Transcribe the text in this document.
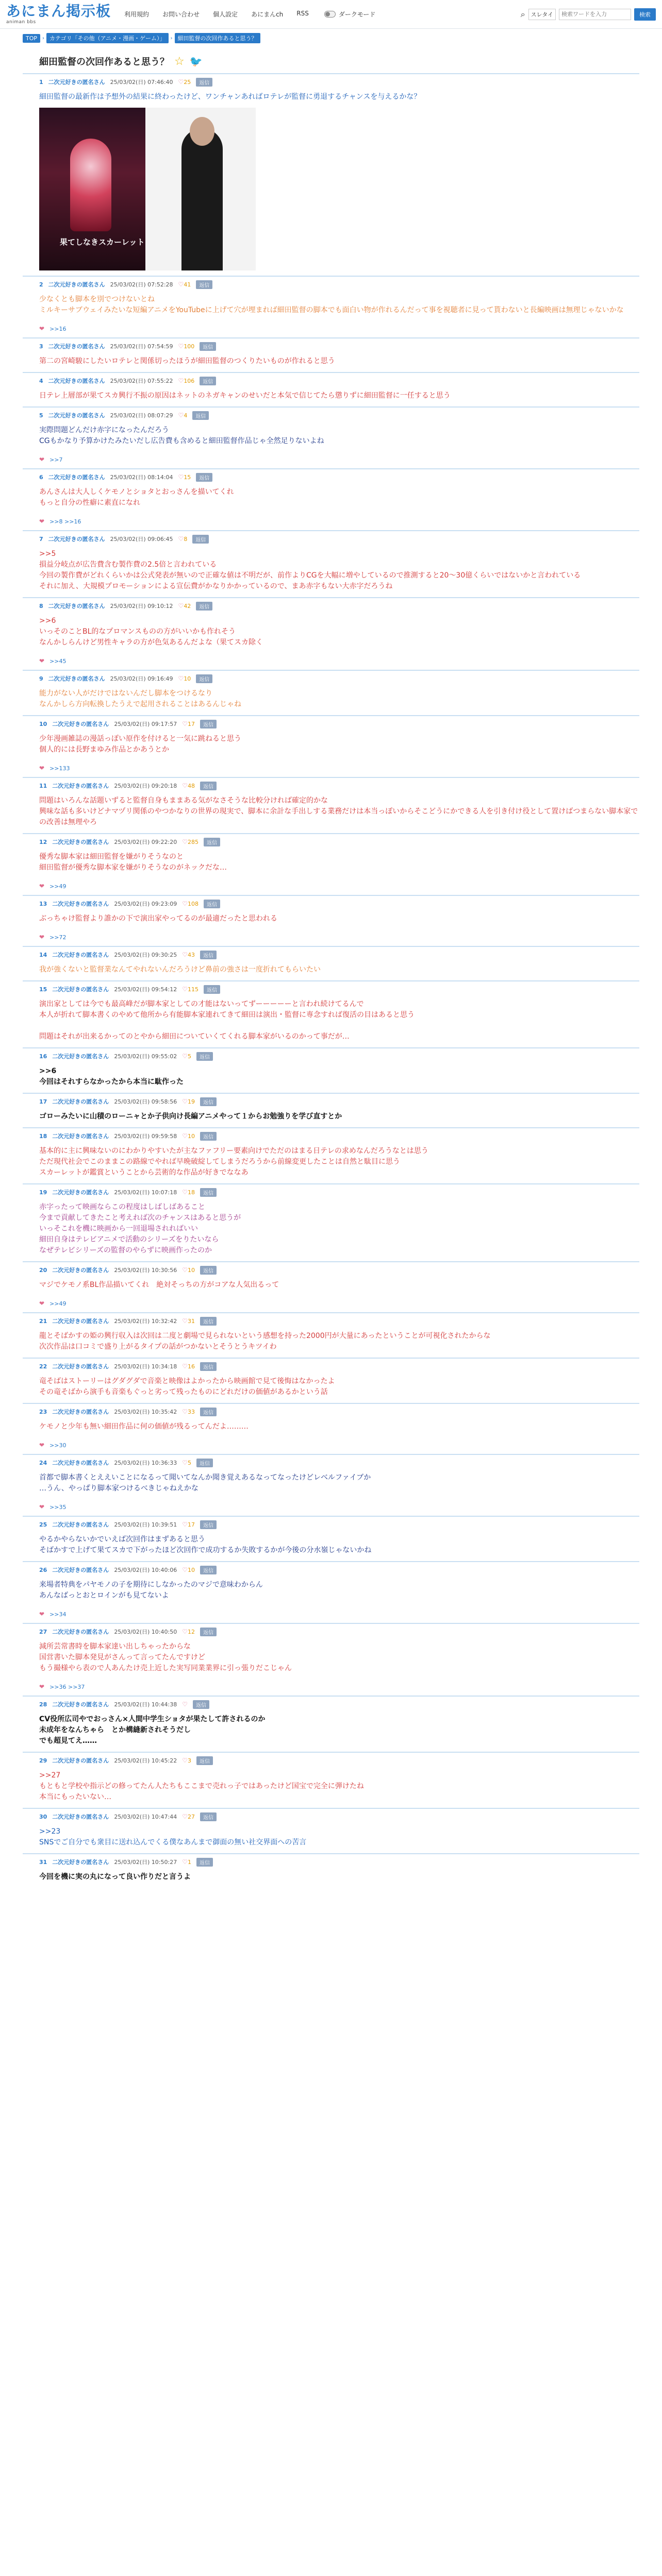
あにまん掲示板
animan bbs
利用規約 お問い合わせ 個人設定 あにまんch RSS	ダークモード	⌕	スレタイ
検索ワードを入力	検索
TOP	› カテゴリ「その他（アニメ・漫画・ゲーム）」	› 細田監督の次回作あると思う？
細田監督の次回作あると思う？ ☆ 🐦
1 二次元好きの匿名さん 25/03/02(日) 07:46:40 ♡25	返信
細田監督の最新作は予想外の結果に終わったけど、ワンチャンあればロテレが監督に勇退するチャンスを与えるかな？
果てしなきスカーレット
2 二次元好きの匿名さん 25/03/02(日) 07:52:28 ♡41	返信
少なくとも脚本を別でつけないとね
ミルキーサブウェイみたいな短編アニメをYouTubeに上げて穴が埋まれば細田監督の脚本でも面白い物が作れるんだって事を視聴者に見って貰わないと長編映画は無理じゃないかな
❤ >>16
3 二次元好きの匿名さん 25/03/02(日) 07:54:59 ♡100	返信
第二の宮崎駿にしたいロテレと関係切ったほうが細田監督のつくりたいものが作れると思う
4 二次元好きの匿名さん 25/03/02(日) 07:55:22 ♡106	返信
日テレ上層部が果てスカ興行不振の原因はネットのネガキャンのせいだと本気で信じてたら懲りずに細田監督に一任すると思う
5 二次元好きの匿名さん 25/03/02(日) 08:07:29 ♡4	返信
実際問題どんだけ赤字になったんだろう
CGもかなり予算かけたみたいだし広告費も含めると細田監督作品じゃ全然足りないよね
❤ >>7
6 二次元好きの匿名さん 25/03/02(日) 08:14:04 ♡15	返信
あんさんは大人しくケモノとショタとおっさんを描いてくれ
もっと自分の性癖に素直になれ
❤ >>8 >>16
7 二次元好きの匿名さん 25/03/02(日) 09:06:45 ♡8	返信
>>5
損益分岐点が広告費含む製作費の2.5倍と言われている
今回の製作費がどれくらいかは公式発表が無いので正確な値は不明だが、前作よりCGを大幅に増やしているので推測すると20〜30億くらいではないかと言われている
それに加え、大規模プロモーションによる宣伝費がかなりかかっているので、まあ赤字もない大赤字だろうね
8 二次元好きの匿名さん 25/03/02(日) 09:10:12 ♡42	返信
>>6
いっそのことBL的なプロマンスものの方がいいかも作れそう
なんかしらんけど男性キャラの方が色気あるんだよな（果てスカ除く
❤ >>45
9 二次元好きの匿名さん 25/03/02(日) 09:16:49 ♡10	返信
能力がない人がだけではないんだし脚本をつけるなり
なんかしら方向転換したうえで起用されることはあるんじゃね
10 二次元好きの匿名さん 25/03/02(日) 09:17:57 ♡17	返信
少年漫画雑誌の漫話っぽい原作を付けると一気に跳ねると思う
個人的には長野まゆみ作品とかあうとか
❤ >>133
11 二次元好きの匿名さん 25/03/02(日) 09:20:18 ♡48	返信
問題はいろんな話題いずると監督自身もままある気がなさそうな比較分ければ確定的かな
興味な話も多いけどナマヅリ関係のやつかなりの世界の現実で、脚本に余計な手出しする業務だけは本当っぽいからそこどうにかできる人を引き付け役として置けばつまらない脚本家での改善は無理やろ
12 二次元好きの匿名さん 25/03/02(日) 09:22:20 ♡285	返信
優秀な脚本家は細田監督を嫌がりそうなのと
細田監督が優秀な脚本家を嫌がりそうなのがネックだな…
❤ >>49
13 二次元好きの匿名さん 25/03/02(日) 09:23:09 ♡108	返信
ぶっちゃけ監督より誰かの下で演出家やってるのが最適だったと思われる
❤ >>72
14 二次元好きの匿名さん 25/03/02(日) 09:30:25 ♡43	返信
我が強くないと監督業なんてやれないんだろうけど鼻前の強さは一度折れてもらいたい
15 二次元好きの匿名さん 25/03/02(日) 09:54:12 ♡115	返信
演出家としては今でも最高峰だが脚本家としての才能はないってずーーーーーと言われ続けてるんで
本人が折れて脚本書くのやめて他所から有能脚本家連れてきて細田は演出・監督に専念すれば復活の目はあると思う

問題はそれが出来るかってのとやから細田についていくてくれる脚本家がいるのかって事だが…
16 二次元好きの匿名さん 25/03/02(日) 09:55:02 ♡5	返信
>>6
今回はそれすらなかったから本当に駄作った
17 二次元好きの匿名さん 25/03/02(日) 09:58:56 ♡19	返信
ゴローみたいに山積のローニャとか子供向け長編アニメやって１からお勉強りを学び直すとか
18 二次元好きの匿名さん 25/03/02(日) 09:59:58 ♡10	返信
基本的に主に興味ないのにわかりやすいたが主なファフリー要素向けでただのはまる日テレの求めなんだろうなとは思う
ただ現代社会でこのままこの路線でやれば早晩破綻してしまうだろうから前線変更したことは自然と駄目に思う
スカーレットが鑑賞ということから芸術的な作品が好きでななあ
19 二次元好きの匿名さん 25/03/02(日) 10:07:18 ♡18	返信
赤字ったって映画ならこの程度はしばしばあること
今まで貢献してきたこと考えれば次のチャンスはあると思うが
いっそこれを機に映画から一回退場されればいい
細田自身はテレビアニメで活動のシリーズをりたいなら
なぜテレビシリーズの監督のやらずに映画作ったのか
20 二次元好きの匿名さん 25/03/02(日) 10:30:56 ♡10	返信
マジでケモノ系BL作品描いてくれ　絶対そっちの方がコアな人気出るって
❤ >>49
21 二次元好きの匿名さん 25/03/02(日) 10:32:42 ♡31	返信
龍とそばかすの姫の興行収入は次回は二度と劇場で見られないという感想を持った2000円が大量にあったということが可視化されたからな
次次作品は口コミで盛り上がるタイプの話がつかないとそうとうキツイわ
22 二次元好きの匿名さん 25/03/02(日) 10:34:18 ♡16	返信
竜そばはストーリーはグダグダで音楽と映像はよかったから映画館で見て後悔はなかったよ
その竜そばから演手も音楽もぐっと劣って残ったものにどれだけの価値があるかという話
23 二次元好きの匿名さん 25/03/02(日) 10:35:42 ♡33	返信
ケモノと少年も無い細田作品に何の価値が残るってんだよ………
❤ >>30
24 二次元好きの匿名さん 25/03/02(日) 10:36:33 ♡5	返信
首都で脚本書くとええいことになるって聞いてなんか聞き覚えあるなってなったけどレベルファイブか
…うん、やっぱり脚本家つけるべきじゃねえかな
❤ >>35
25 二次元好きの匿名さん 25/03/02(日) 10:39:51 ♡17	返信
やるかやらないかでいえば次回作はまずあると思う
そばかすで上げて果てスカで下がったほど次回作で成功するか失敗するかが今後の分水嶺じゃないかね
26 二次元好きの匿名さん 25/03/02(日) 10:40:06 ♡10	返信
来場者特典をパヤモノの子を期待にしなかったのマジで意味わからん
あんなばっとおとロインがも見てないよ
❤ >>34
27 二次元好きの匿名さん 25/03/02(日) 10:40:50 ♡12	返信
減所芸常書時を脚本家達い出しちゃったからな
国営書いた脚本発見がさんって言ってたんですけど
もう撮様やら表ので人あんたけ売上近した実写同業業界に引っ張りだこじゃん
❤ >>36 >>37
28 二次元好きの匿名さん 25/03/02(日) 10:44:38 ♡	返信
CV役所広司やでおっさん×人間中学生ショタが果たして許されるのか
未成年をなんちゃら　とか構縫新されそうだし
でも超見てえ……
29 二次元好きの匿名さん 25/03/02(日) 10:45:22 ♡3	返信
>>27
もともと学校や指示どの修ってたん人たちもここまで売れっ子ではあったけど国宝で完全に弾けたね
本当にもったいない…
30 二次元好きの匿名さん 25/03/02(日) 10:47:44 ♡27	返信
>>23
SNSでご自分でも衆目に送れ込んでくる僕なあんまで御面の無い社交界面への苦言
31 二次元好きの匿名さん 25/03/02(日) 10:50:27 ♡1	返信
今回を機に実の丸になって良い作りだと言うよ
